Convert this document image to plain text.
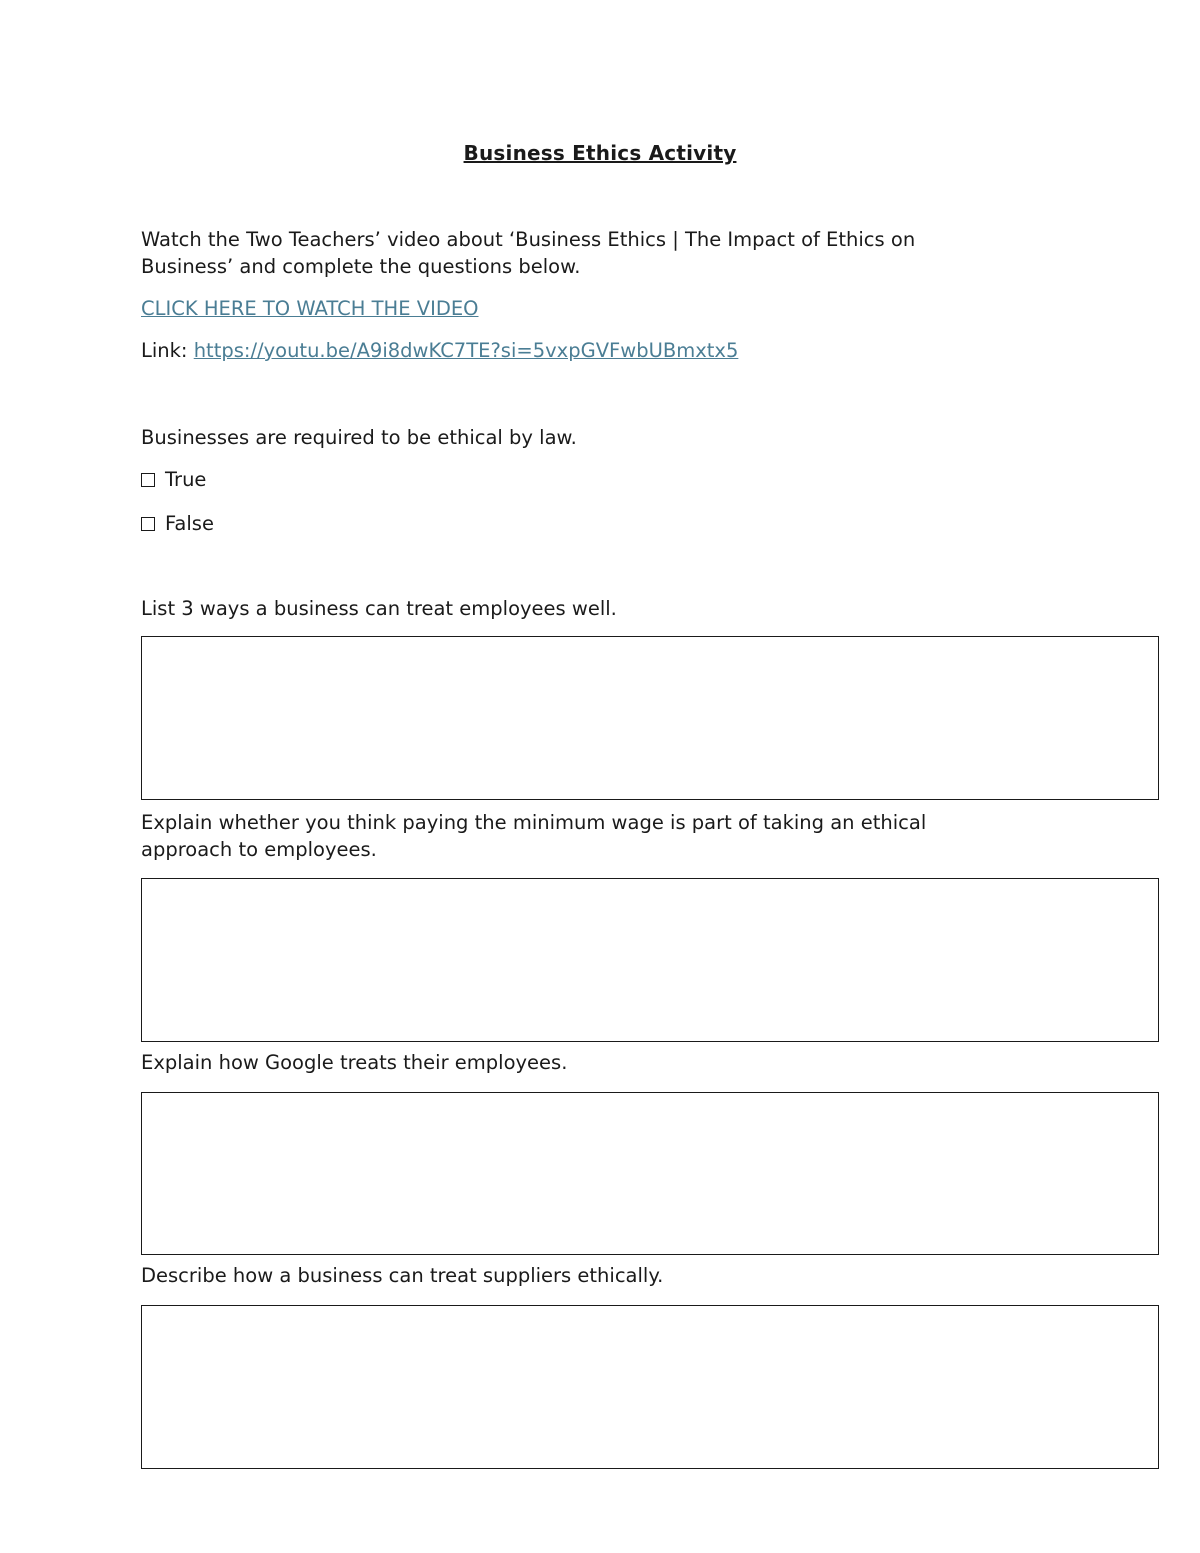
Business Ethics Activity
Watch the Two Teachers’ video about ‘Business Ethics | The Impact of Ethics on
Business’ and complete the questions below.
CLICK HERE TO WATCH THE VIDEO
Link: https://youtu.be/A9i8dwKC7TE?si=5vxpGVFwbUBmxtx5
Businesses are required to be ethical by law.
True
False
List 3 ways a business can treat employees well.
Explain whether you think paying the minimum wage is part of taking an ethical
approach to employees.
Explain how Google treats their employees.
Describe how a business can treat suppliers ethically.
